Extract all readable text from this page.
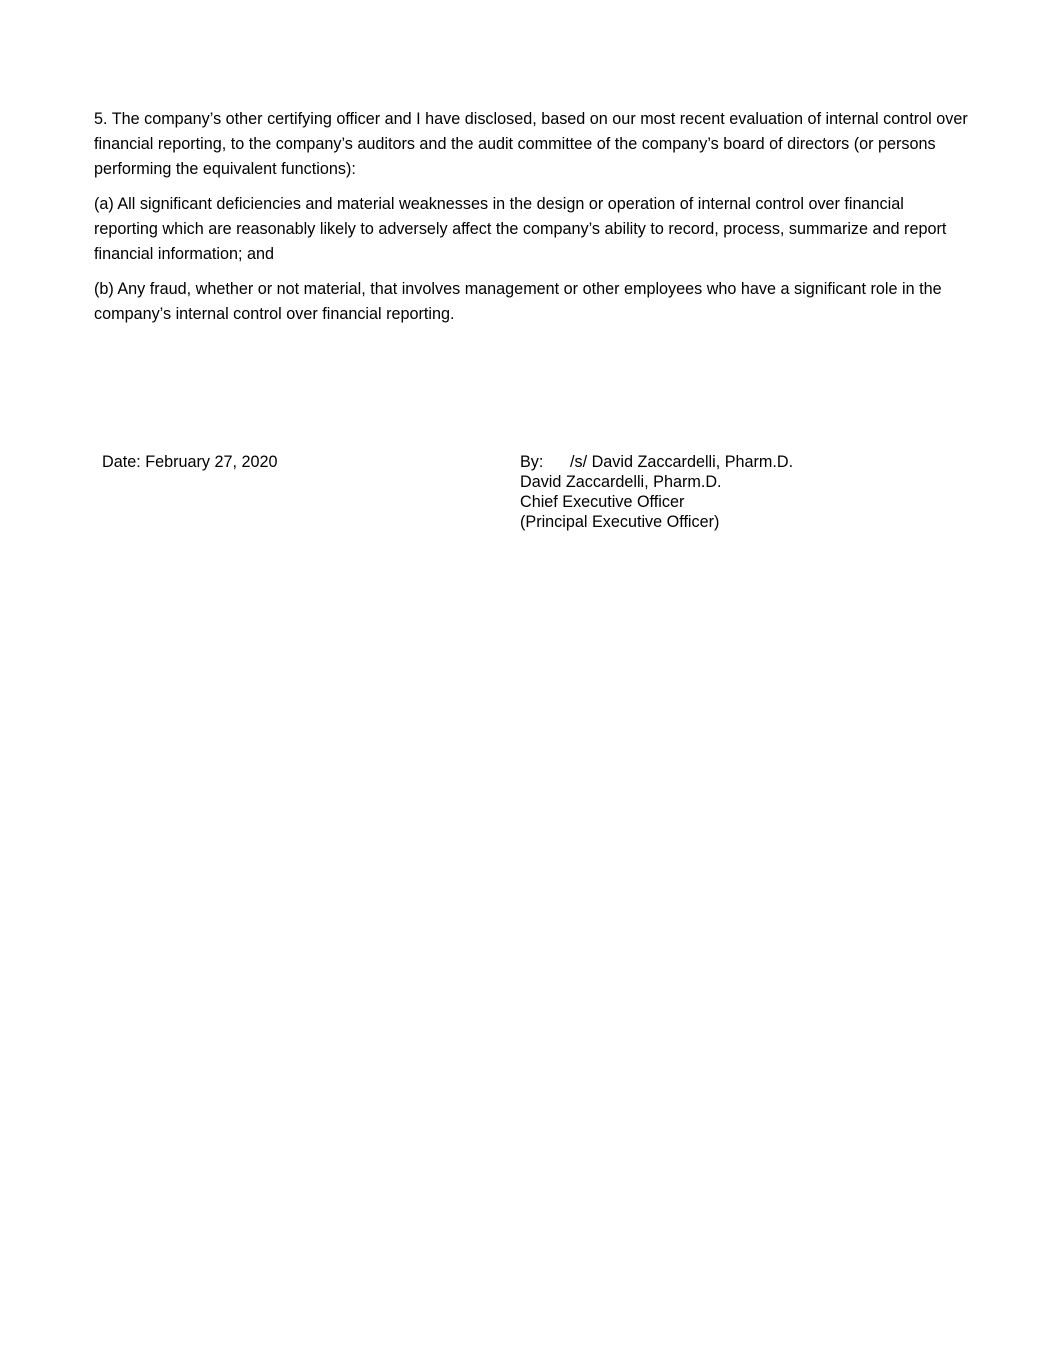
5. The company’s other certifying officer and I have disclosed, based on our most recent evaluation of internal control over financial reporting, to the company’s auditors and the audit committee of the company’s board of directors (or persons performing the equivalent functions):

(a) All significant deficiencies and material weaknesses in the design or operation of internal control over financial reporting which are reasonably likely to adversely affect the company’s ability to record, process, summarize and report financial information; and

(b) Any fraud, whether or not material, that involves management or other employees who have a significant role in the company’s internal control over financial reporting.

Date: February 27, 2020	By: /s/ David Zaccardelli, Pharm.D.
David Zaccardelli, Pharm.D.
Chief Executive Officer
(Principal Executive Officer)
